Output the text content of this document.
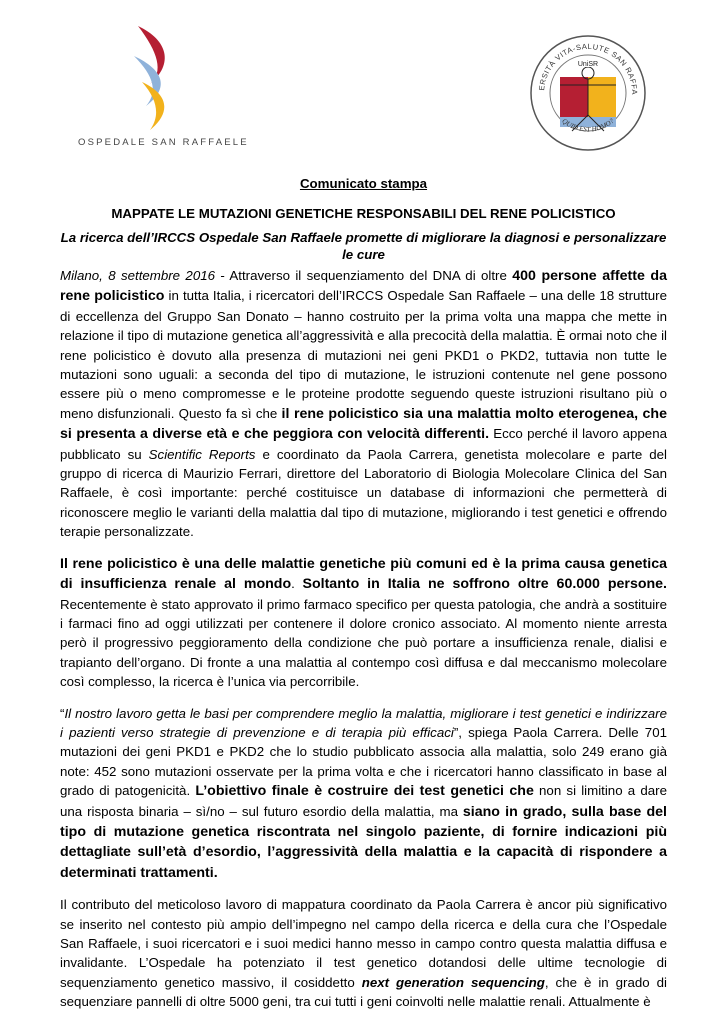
OSPEDALE SAN RAFFAELE
UniSR
ERSITÀ VITA-SALUTE SAN RAFFA
QUID EST HOMO?
Comunicato stampa
MAPPATE LE MUTAZIONI GENETICHE RESPONSABILI DEL RENE POLICISTICO
La ricerca dell’IRCCS Ospedale San Raffaele promette di migliorare la diagnosi e personalizzare le cure

Milano, 8 settembre 2016 - Attraverso il sequenziamento del DNA di oltre 400 persone affette da rene policistico in tutta Italia, i ricercatori dell’IRCCS Ospedale San Raffaele – una delle 18 strutture di eccellenza del Gruppo San Donato – hanno costruito per la prima volta una mappa che mette in relazione il tipo di mutazione genetica all’aggressività e alla precocità della malattia. È ormai noto che il rene policistico è dovuto alla presenza di mutazioni nei geni PKD1 o PKD2, tuttavia non tutte le mutazioni sono uguali: a seconda del tipo di mutazione, le istruzioni contenute nel gene possono essere più o meno compromesse e le proteine prodotte seguendo queste istruzioni risultano più o meno disfunzionali. Questo fa sì che il rene policistico sia una malattia molto eterogenea, che si presenta a diverse età e che peggiora con velocità differenti. Ecco perché il lavoro appena pubblicato su Scientific Reports e coordinato da Paola Carrera, genetista molecolare e parte del gruppo di ricerca di Maurizio Ferrari, direttore del Laboratorio di Biologia Molecolare Clinica del San Raffaele, è così importante: perché costituisce un database di informazioni che permetterà di riconoscere meglio le varianti della malattia dal tipo di mutazione, migliorando i test genetici e offrendo terapie personalizzate.

Il rene policistico è una delle malattie genetiche più comuni ed è la prima causa genetica di insufficienza renale al mondo. Soltanto in Italia ne soffrono oltre 60.000 persone. Recentemente è stato approvato il primo farmaco specifico per questa patologia, che andrà a sostituire i farmaci fino ad oggi utilizzati per contenere il dolore cronico associato. Al momento niente arresta però il progressivo peggioramento della condizione che può portare a insufficienza renale, dialisi e trapianto dell’organo. Di fronte a una malattia al contempo così diffusa e dal meccanismo molecolare così complesso, la ricerca è l’unica via percorribile.

“Il nostro lavoro getta le basi per comprendere meglio la malattia, migliorare i test genetici e indirizzare i pazienti verso strategie di prevenzione e di terapia più efficaci”, spiega Paola Carrera. Delle 701 mutazioni dei geni PKD1 e PKD2 che lo studio pubblicato associa alla malattia, solo 249 erano già note: 452 sono mutazioni osservate per la prima volta e che i ricercatori hanno classificato in base al grado di patogenicità. L’obiettivo finale è costruire dei test genetici che non si limitino a dare una risposta binaria – sì/no – sul futuro esordio della malattia, ma siano in grado, sulla base del tipo di mutazione genetica riscontrata nel singolo paziente, di fornire indicazioni più dettagliate sull’età d’esordio, l’aggressività della malattia e la capacità di rispondere a determinati trattamenti.

Il contributo del meticoloso lavoro di mappatura coordinato da Paola Carrera è ancor più significativo se inserito nel contesto più ampio dell’impegno nel campo della ricerca e della cura che l’Ospedale San Raffaele, i suoi ricercatori e i suoi medici hanno messo in campo contro questa malattia diffusa e invalidante. L’Ospedale ha potenziato il test genetico dotandosi delle ultime tecnologie di sequenziamento genetico massivo, il cosiddetto next generation sequencing, che è in grado di sequenziare pannelli di oltre 5000 geni, tra cui tutti i geni coinvolti nelle malattie renali. Attualmente è
